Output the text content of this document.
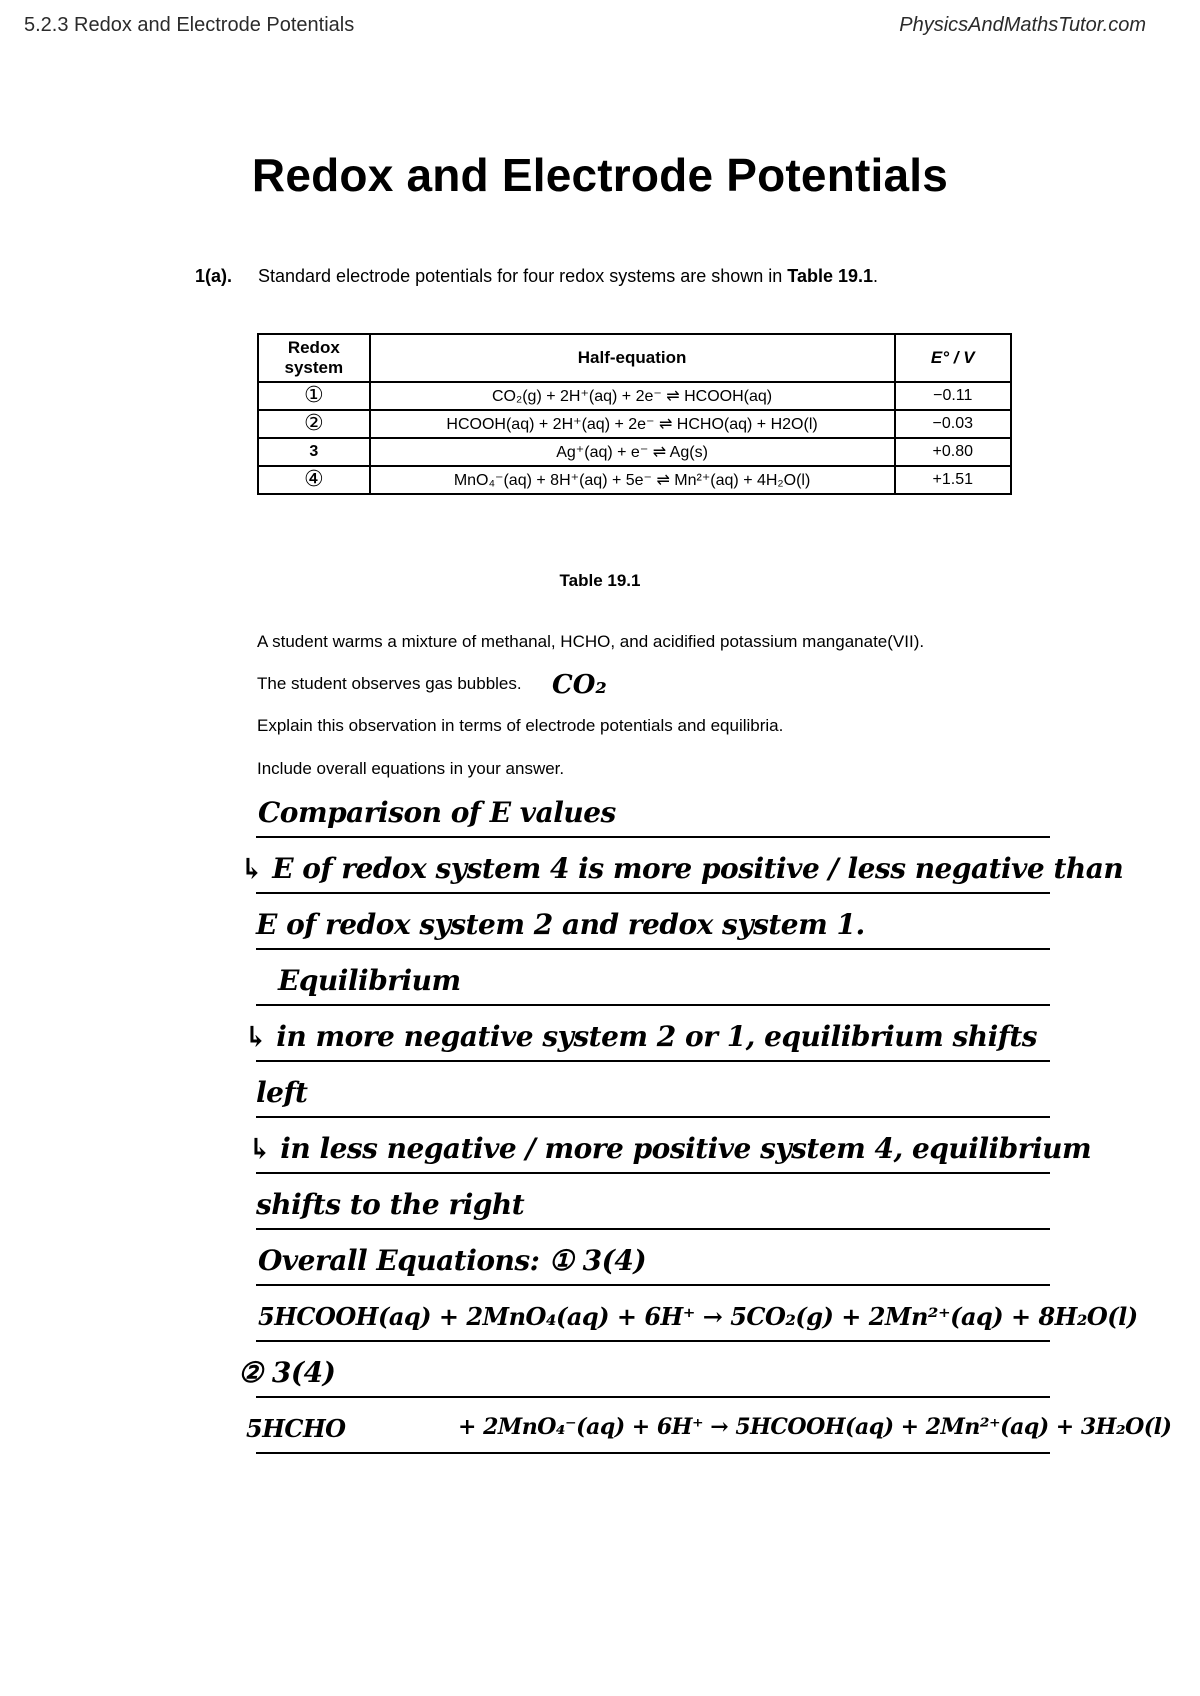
5.2.3 Redox and Electrode Potentials	PhysicsAndMathsTutor.com
Redox and Electrode Potentials
1(a). Standard electrode potentials for four redox systems are shown in Table 19.1.
Redox system	Half-equation	E° / V
①	CO₂(g) + 2H⁺(aq) + 2e⁻ ⇌ HCOOH(aq)	−0.11
②	HCOOH(aq) + 2H⁺(aq) + 2e⁻ ⇌ HCHO(aq) + H2O(l)	−0.03
3	Ag⁺(aq) + e⁻ ⇌ Ag(s)	+0.80
④	MnO₄⁻(aq) + 8H⁺(aq) + 5e⁻ ⇌ Mn²⁺(aq) + 4H₂O(l)	+1.51
Table 19.1
A student warms a mixture of methanal, HCHO, and acidified potassium manganate(VII).
The student observes gas bubbles. CO₂
Explain this observation in terms of electrode potentials and equilibria.
Include overall equations in your answer.
Comparison of E values
↳ E of redox system 4 is more positive / less negative than
E of redox system 2 and redox system 1.
Equilibrium
↳ in more negative system 2 or 1, equilibrium shifts
left
↳ in less negative / more positive system 4, equilibrium
shifts to the right
Overall Equations: ① 3(4)
5HCOOH(aq) + 2MnO₄(aq) + 6H⁺ → 5CO₂(g) + 2Mn²⁺(aq) + 8H₂O(l)
② 3(4)
5HCHO	+ 2MnO₄⁻(aq) + 6H⁺ → 5HCOOH(aq) + 2Mn²⁺(aq) + 3H₂O(l)
